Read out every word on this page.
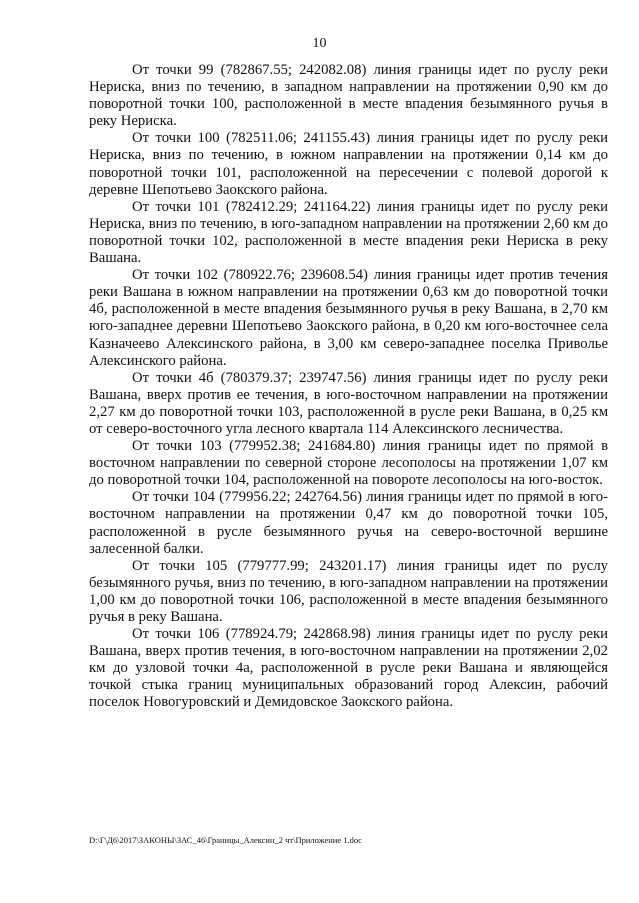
10

От точки 99 (782867.55; 242082.08) линия границы идет по руслу реки Нериска, вниз по течению, в западном направлении на протяжении 0,90 км до поворотной точки 100, расположенной в месте впадения безымянного ручья в реку Нериска.

От точки 100 (782511.06; 241155.43) линия границы идет по руслу реки Нериска, вниз по течению, в южном направлении на протяжении 0,14 км до поворотной точки 101, расположенной на пересечении с полевой дорогой к деревне Шепотьево Заокского района.

От точки 101 (782412.29; 241164.22) линия границы идет по руслу реки Нериска, вниз по течению, в юго-западном направлении на протяжении 2,60 км до поворотной точки 102, расположенной в месте впадения реки Нериска в реку Вашана.

От точки 102 (780922.76; 239608.54) линия границы идет против течения реки Вашана в южном направлении на протяжении 0,63 км до поворотной точки 4б, расположенной в месте впадения безымянного ручья в реку Вашана, в 2,70 км юго-западнее деревни Шепотьево Заокского района, в 0,20 км юго-восточнее села Казначеево Алексинского района, в 3,00 км северо-западнее поселка Приволье Алексинского района.

От точки 4б (780379.37; 239747.56) линия границы идет по руслу реки Вашана, вверх против ее течения, в юго-восточном направлении на протяжении 2,27 км до поворотной точки 103, расположенной в русле реки Вашана, в 0,25 км от северо-восточного угла лесного квартала 114 Алексинского лесничества.

От точки 103 (779952.38; 241684.80) линия границы идет по прямой в восточном направлении по северной стороне лесополосы на протяжении 1,07 км до поворотной точки 104, расположенной на повороте лесополосы на юго-восток.

От точки 104 (779956.22; 242764.56) линия границы идет по прямой в юго-восточном направлении на протяжении 0,47 км до поворотной точки 105, расположенной в русле безымянного ручья на северо-восточной вершине залесенной балки.

От точки 105 (779777.99; 243201.17) линия границы идет по руслу безымянного ручья, вниз по течению, в юго-западном направлении на протяжении 1,00 км до поворотной точки 106, расположенной в месте впадения безымянного ручья в реку Вашана.

От точки 106 (778924.79; 242868.98) линия границы идет по руслу реки Вашана, вверх против течения, в юго-восточном направлении на протяжении 2,02 км до узловой точки 4а, расположенной в русле реки Вашана и являющейся точкой стыка границ муниципальных образований город Алексин, рабочий поселок Новогуровский и Демидовское Заокского района.

D:\Г\Д6\2017\ЗАКОНЫ\ЗАС_46\Границы_Алексин_2 чт\Приложение 1.doc
